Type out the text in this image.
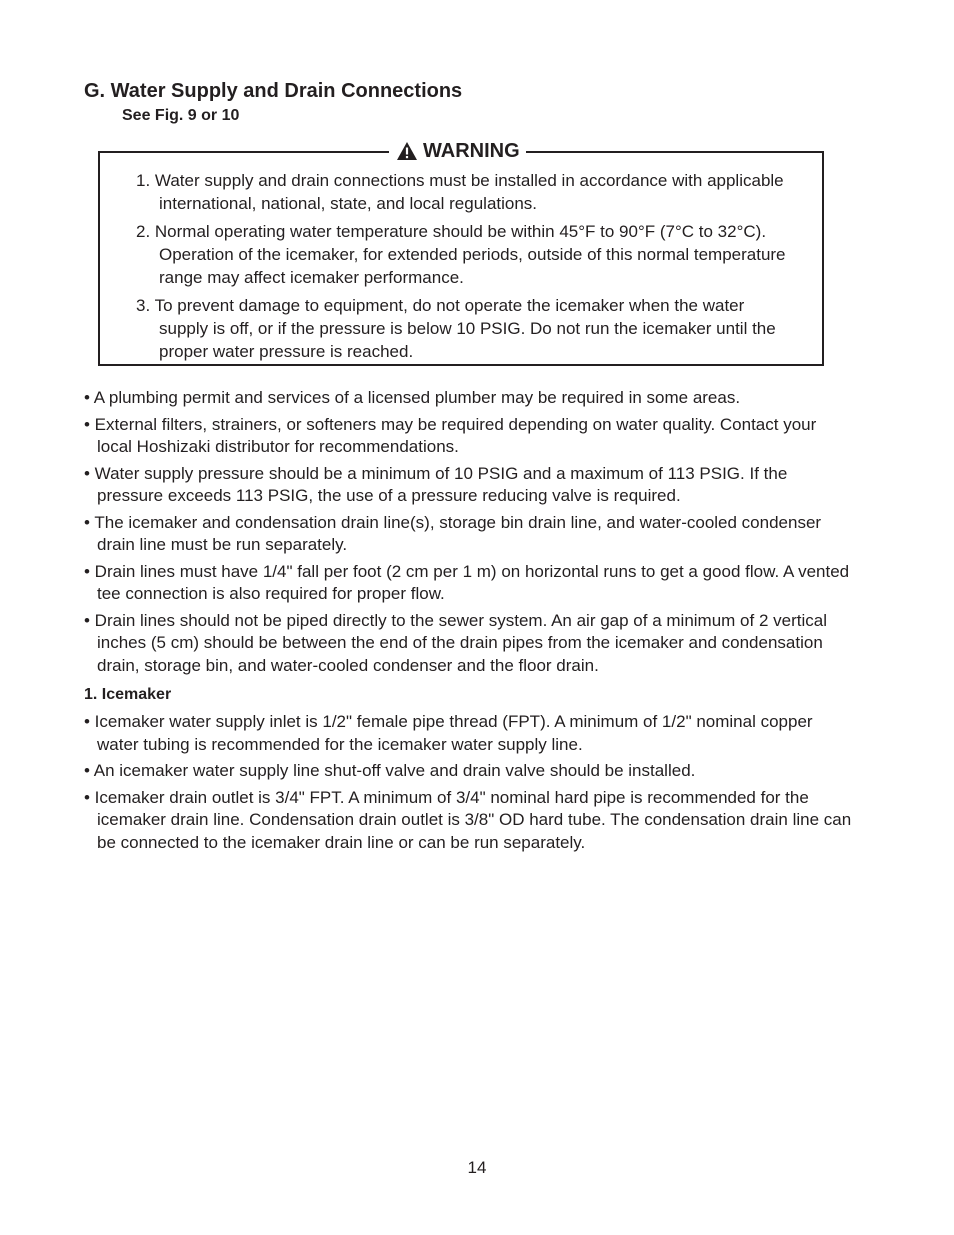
G. Water Supply and Drain Connections
See Fig. 9 or 10
WARNING
1. Water supply and drain connections must be installed in accordance with applicable international, national, state, and local regulations.
2. Normal operating water temperature should be within 45°F to 90°F (7°C to 32°C). Operation of the icemaker, for extended periods, outside of this normal temperature range may affect icemaker performance.
3. To prevent damage to equipment, do not operate the icemaker when the water supply is off, or if the pressure is below 10 PSIG. Do not run the icemaker until the proper water pressure is reached.
• A plumbing permit and services of a licensed plumber may be required in some areas.
• External filters, strainers, or softeners may be required depending on water quality. Contact your local Hoshizaki distributor for recommendations.
• Water supply pressure should be a minimum of 10 PSIG and a maximum of 113 PSIG. If the pressure exceeds 113 PSIG, the use of a pressure reducing valve is required.
• The icemaker and condensation drain line(s), storage bin drain line, and water-cooled condenser drain line must be run separately.
• Drain lines must have 1/4" fall per foot (2 cm per 1 m) on horizontal runs to get a good flow. A vented tee connection is also required for proper flow.
• Drain lines should not be piped directly to the sewer system. An air gap of a minimum of 2 vertical inches (5 cm) should be between the end of the drain pipes from the icemaker and condensation drain, storage bin, and water-cooled condenser and the floor drain.
1. Icemaker
• Icemaker water supply inlet is 1/2" female pipe thread (FPT). A minimum of 1/2" nominal copper water tubing is recommended for the icemaker water supply line.
• An icemaker water supply line shut-off valve and drain valve should be installed.
• Icemaker drain outlet is 3/4" FPT. A minimum of 3/4" nominal hard pipe is recommended for the icemaker drain line. Condensation drain outlet is 3/8" OD hard tube. The condensation drain line can be connected to the icemaker drain line or can be run separately.
14
